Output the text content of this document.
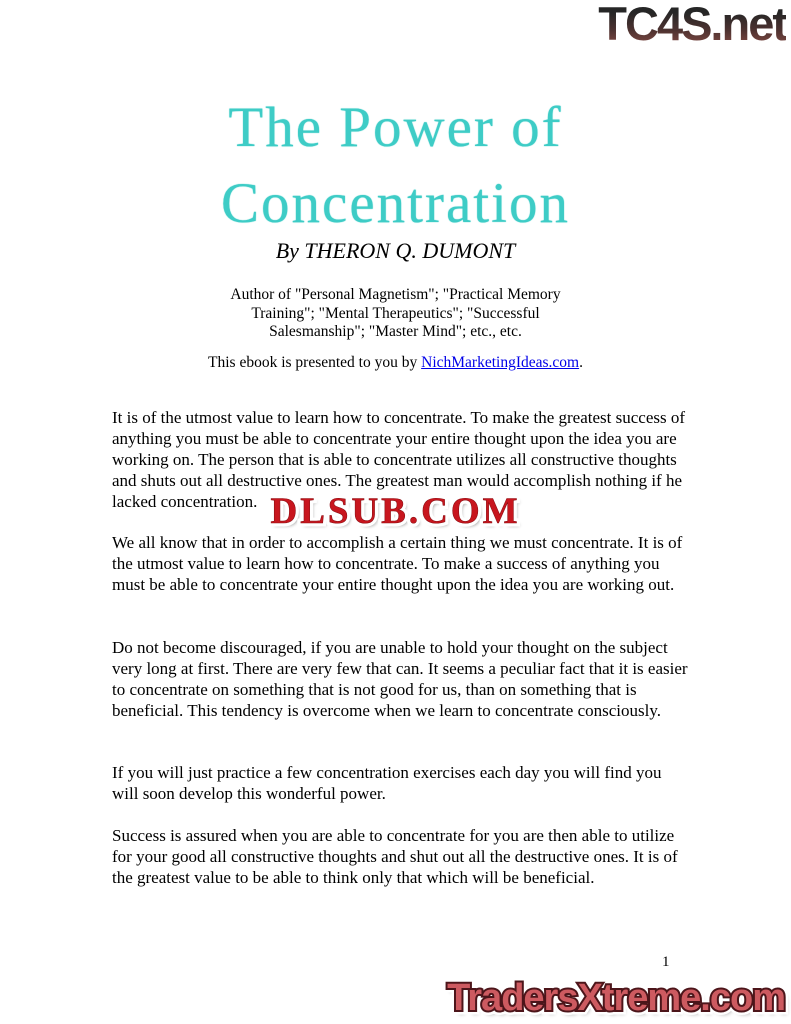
TC4S.net
The Power of
Concentration
By THERON Q. DUMONT
Author of "Personal Magnetism"; "Practical Memory Training"; "Mental Therapeutics"; "Successful Salesmanship"; "Master Mind"; etc., etc.
This ebook is presented to you by NichMarketingIdeas.com.

It is of the utmost value to learn how to concentrate. To make the greatest success of anything you must be able to concentrate your entire thought upon the idea you are working on. The person that is able to concentrate utilizes all constructive thoughts and shuts out all destructive ones. The greatest man would accomplish nothing if he lacked concentration. DLSUB.COM DLSUB.COM

We all know that in order to accomplish a certain thing we must concentrate. It is of the utmost value to learn how to concentrate. To make a success of anything you must be able to concentrate your entire thought upon the idea you are working out.

Do not become discouraged, if you are unable to hold your thought on the subject very long at first. There are very few that can. It seems a peculiar fact that it is easier to concentrate on something that is not good for us, than on something that is beneficial. This tendency is overcome when we learn to concentrate consciously.

If you will just practice a few concentration exercises each day you will find you will soon develop this wonderful power.

Success is assured when you are able to concentrate for you are then able to utilize for your good all constructive thoughts and shut out all the destructive ones. It is of the greatest value to be able to think only that which will be beneficial.

1
TradersXtreme.com TradersXtreme.com TradersXtreme.com
